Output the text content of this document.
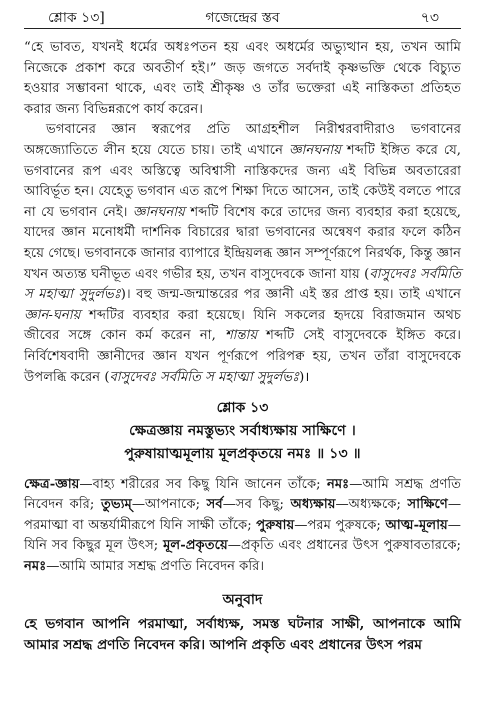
শ্লোক ১৩]	গজেন্দ্রের স্তব	৭৩

“হে ভাবত, যখনই ধর্মের অধঃপতন হয় এবং অধর্মের অভ্যুত্থান হয়, তখন আমি নিজেকে প্রকাশ করে অবতীর্ণ হই।” জড় জগতে সর্বদাই কৃষ্ণভক্তি থেকে বিচ্যুত হওয়ার সম্ভাবনা থাকে, এবং তাই শ্রীকৃষ্ণ ও তাঁর ভক্তেরা এই নাস্তিকতা প্রতিহত করার জন্য বিভিন্নরূপে কার্য করেন।

ভগবানের জ্ঞান স্বরূপের প্রতি আগ্রহশীল নিরীশ্বরবাদীরাও ভগবানের অঙ্গজ্যোতিতে লীন হয়ে যেতে চায়। তাই এখানে জ্ঞানঘনায় শব্দটি ইঙ্গিত করে যে, ভগবানের রূপ এবং অস্তিত্বে অবিশ্বাসী নাস্তিকদের জন্য এই বিভিন্ন অবতারেরা আবির্ভূত হন। যেহেতু ভগবান এত রূপে শিক্ষা দিতে আসেন, তাই কেউই বলতে পারে না যে ভগবান নেই। জ্ঞানঘনায় শব্দটি বিশেষ করে তাদের জন্য ব্যবহার করা হয়েছে, যাদের জ্ঞান মনোধর্মী দার্শনিক বিচারের দ্বারা ভগবানের অন্বেষণ করার ফলে কঠিন হয়ে গেছে। ভগবানকে জানার ব্যাপারে ইন্দ্রিয়লব্ধ জ্ঞান সম্পূর্ণরূপে নিরর্থক, কিন্তু জ্ঞান যখন অত্যন্ত ঘনীভূত এবং গভীর হয়, তখন বাসুদেবকে জানা যায় (বাসুদেবঃ সর্বমিতি স মহাত্মা সুদুর্লভঃ)। বহু জন্ম-জন্মান্তরের পর জ্ঞানী এই স্তর প্রাপ্ত হয়। তাই এখানে জ্ঞান-ঘনায় শব্দটির ব্যবহার করা হয়েছে। যিনি সকলের হৃদয়ে বিরাজমান অথচ জীবের সঙ্গে কোন কর্ম করেন না, শান্তায় শব্দটি সেই বাসুদেবকে ইঙ্গিত করে। নির্বিশেষবাদী জ্ঞানীদের জ্ঞান যখন পূর্ণরূপে পরিপক্ব হয়, তখন তাঁরা বাসুদেবকে উপলব্ধি করেন (বাসুদেবঃ সর্বমিতি স মহাত্মা সুদুর্লভঃ)।

শ্লোক ১৩
ক্ষেত্রজ্ঞায় নমস্তুভ্যং সর্বাধ্যক্ষায় সাক্ষিণে ।
পুরুষায়াত্মমূলায় মূলপ্রকৃতয়ে নমঃ ॥ ১৩ ॥

ক্ষেত্র-জ্ঞায়—বাহ্য শরীরের সব কিছু যিনি জানেন তাঁকে; নমঃ—আমি সশ্রদ্ধ প্রণতি নিবেদন করি; তুভ্যম্—আপনাকে; সর্ব—সব কিছু; অধ্যক্ষায়—অধ্যক্ষকে; সাক্ষিণে—পরমাত্মা বা অন্তর্যামীরূপে যিনি সাক্ষী তাঁকে; পুরুষায়—পরম পুরুষকে; আত্ম-মূলায়—যিনি সব কিছুর মূল উৎস; মূল-প্রকৃতয়ে—প্রকৃতি এবং প্রধানের উৎস পুরুষাবতারকে; নমঃ—আমি আমার সশ্রদ্ধ প্রণতি নিবেদন করি।

অনুবাদ

হে ভগবান আপনি পরমাত্মা, সর্বাধ্যক্ষ, সমস্ত ঘটনার সাক্ষী, আপনাকে আমি আমার সশ্রদ্ধ প্রণতি নিবেদন করি। আপনি প্রকৃতি এবং প্রধানের উৎস পরম
